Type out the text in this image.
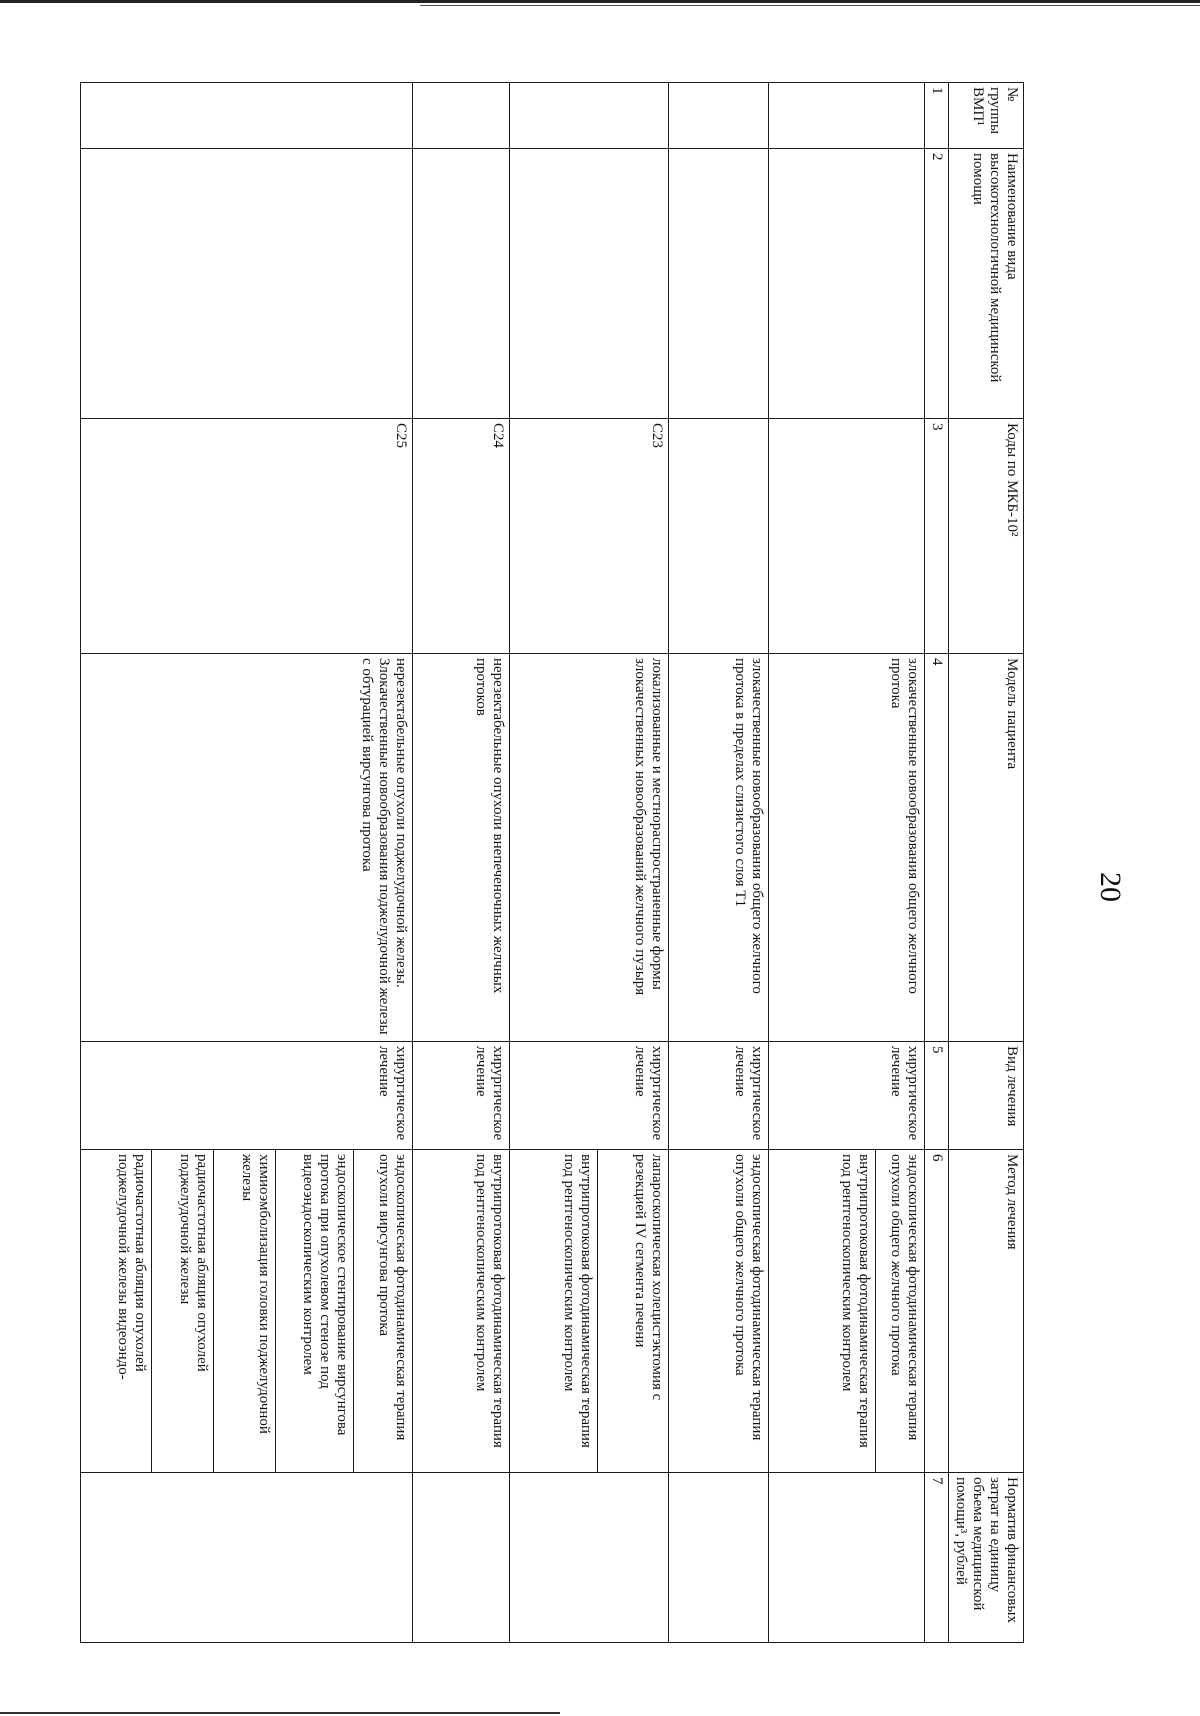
20
№ группы ВМП¹	Наименование вида высокотехнологичной медицинской помощи	Коды по МКБ-10²	Модель пациента	Вид лечения	Метод лечения	Норматив финансовых затрат на единицу объема медицинской помощи³, рублей
1	2	3	4	5	6	7
			злокачественные новообразования общего желчного протока	хирургическое лечение	эндоскопическая фотодинамическая терапия опухоли общего желчного протока	
					внутрипротоковая фотодинамическая терапия под рентгеноскопическим контролем	
			злокачественные новообразования общего желчного протока в пределах слизистого слоя T1	хирургическое лечение	эндоскопическая фотодинамическая терапия опухоли общего желчного протока	
		C23	локализованные и местнораспространенные формы злокачественных новообразований желчного пузыря	хирургическое лечение	лапароскопическая холецистэктомия с резекцией IV сегмента печени	
					внутрипротоковая фотодинамическая терапия под рентгеноскопическим контролем	
		C24	нерезектабельные опухоли внепеченочных желчных протоков	хирургическое лечение	внутрипротоковая фотодинамическая терапия под рентгеноскопическим контролем	
		C25	нерезектабельные опухоли поджелудочной железы. Злокачественные новообразования поджелудочной железы с обтурацией вирсунгова протока	хирургическое лечение	эндоскопическая фотодинамическая терапия опухоли вирсунгова протока	
					эндоскопическое стентирование вирсунгова протока при опухолевом стенозе под видеоэндоскопическим контролем	
					химиоэмболизация головки поджелудочной железы	
					радиочастотная абляция опухолей поджелудочной железы	
					радиочастотная абляция опухолей поджелудочной железы видеоэндо-	
